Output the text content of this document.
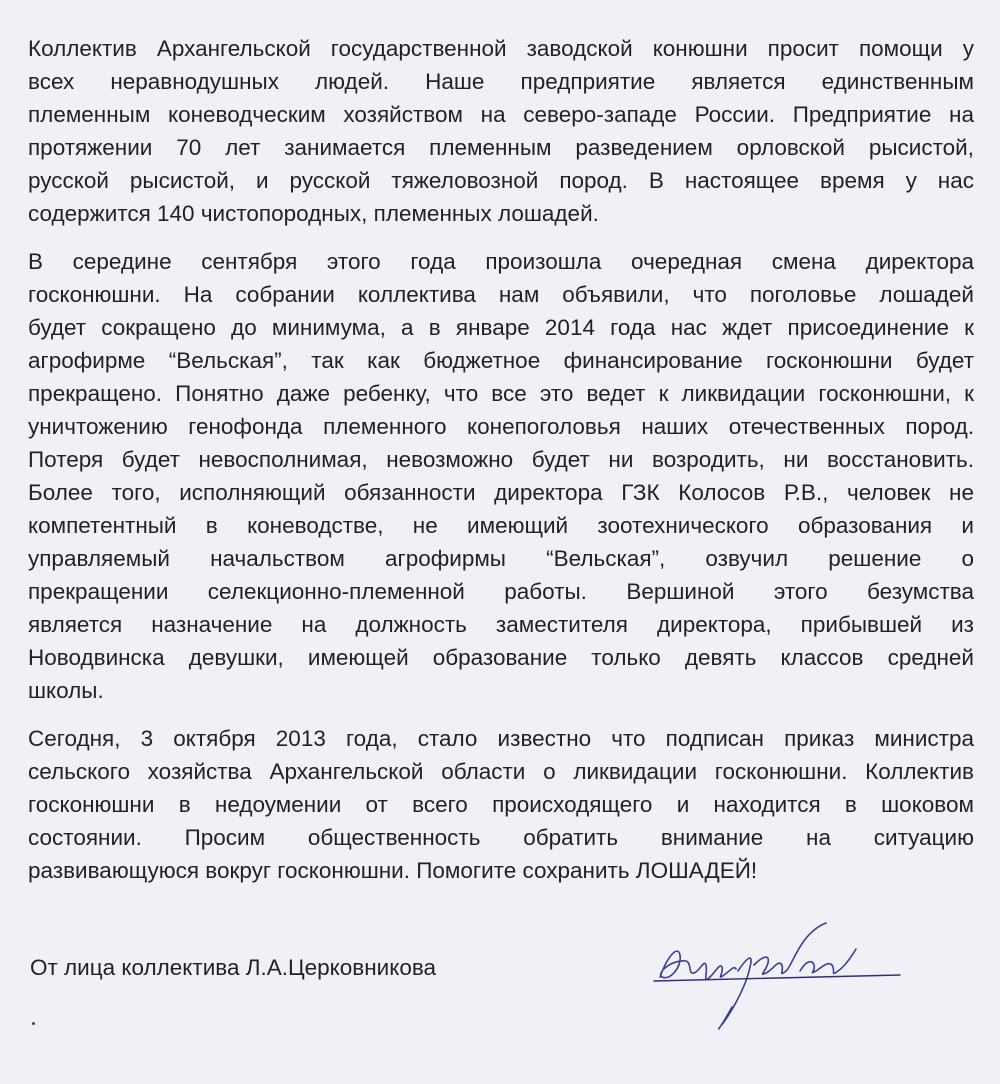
Коллектив Архангельской государственной заводской конюшни просит помощи у

всех неравнодушных людей. Наше предприятие является единственным

племенным коневодческим хозяйством на северо-западе России. Предприятие на

протяжении 70 лет занимается племенным разведением орловской рысистой,

русской рысистой, и русской тяжеловозной пород. В настоящее время у нас

содержится 140 чистопородных, племенных лошадей.

В середине сентября этого года произошла очередная смена директора

госконюшни. На собрании коллектива нам объявили, что поголовье лошадей

будет сокращено до минимума, а в январе 2014 года нас ждет присоединение к

агрофирме “Вельская”, так как бюджетное финансирование госконюшни будет

прекращено. Понятно даже ребенку, что все это ведет к ликвидации госконюшни, к

уничтожению генофонда племенного конепоголовья наших отечественных пород.

Потеря будет невосполнимая, невозможно будет ни возродить, ни восстановить.

Более того, исполняющий обязанности директора ГЗК Колосов Р.В., человек не

компетентный в коневодстве, не имеющий зоотехнического образования и

управляемый начальством агрофирмы “Вельская”, озвучил решение о

прекращении селекционно-племенной работы. Вершиной этого безумства

является назначение на должность заместителя директора, прибывшей из

Новодвинска девушки, имеющей образование только девять классов средней

школы.

Сегодня, 3 октября 2013 года, стало известно что подписан приказ министра

сельского хозяйства Архангельской области о ликвидации госконюшни. Коллектив

госконюшни в недоумении от всего происходящего и находится в шоковом

состоянии. Просим общественность обратить внимание на ситуацию

развивающуюся вокруг госконюшни. Помогите сохранить ЛОШАДЕЙ!

От лица коллектива Л.А.Церковникова
